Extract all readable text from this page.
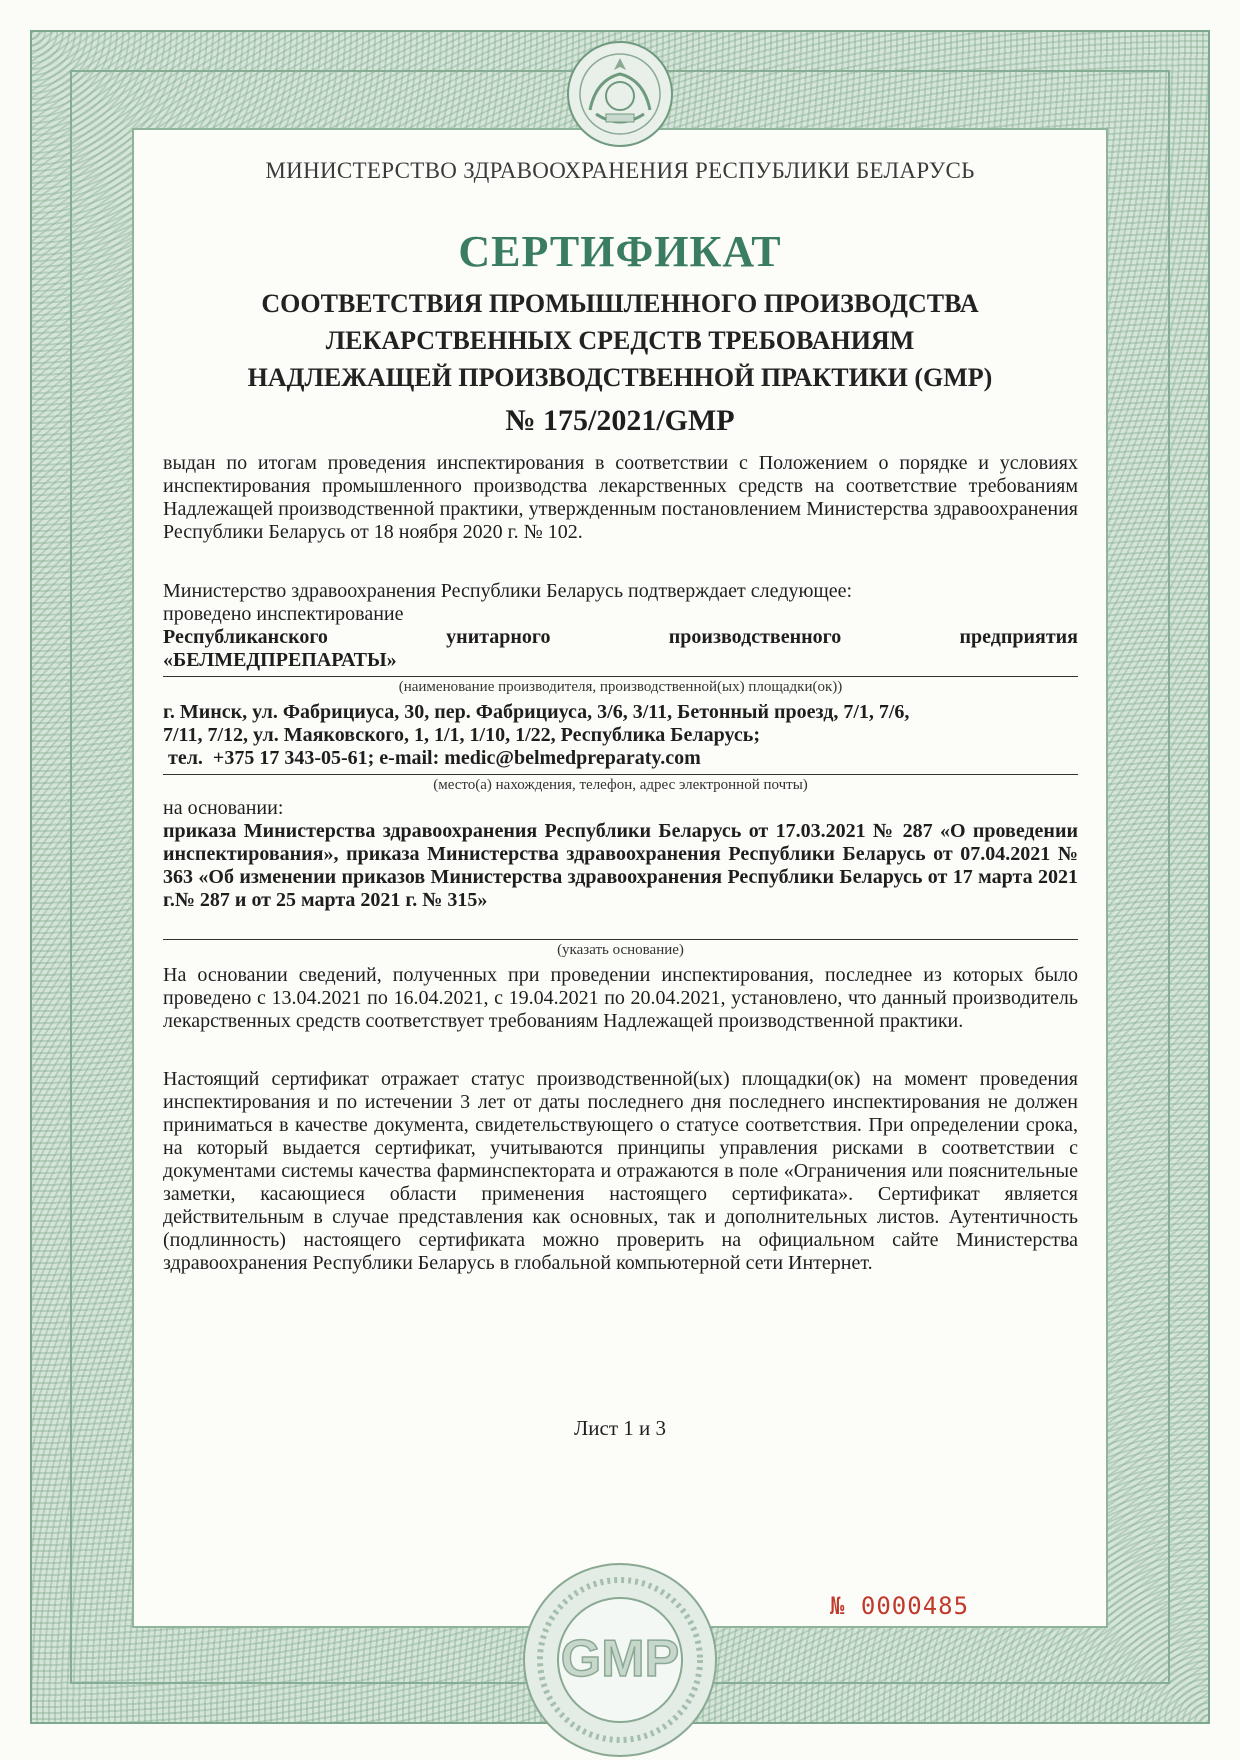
МИНИСТЕРСТВО ЗДРАВООХРАНЕНИЯ РЕСПУБЛИКИ БЕЛАРУСЬ
СЕРТИФИКАТ
СООТВЕТСТВИЯ ПРОМЫШЛЕННОГО ПРОИЗВОДСТВА
ЛЕКАРСТВЕННЫХ СРЕДСТВ ТРЕБОВАНИЯМ
НАДЛЕЖАЩЕЙ ПРОИЗВОДСТВЕННОЙ ПРАКТИКИ (GMP)
№ 175/2021/GMP
выдан по итогам проведения инспектирования в соответствии с Положением о порядке и условиях инспектирования промышленного производства лекарственных средств на соответствие требованиям Надлежащей производственной практики, утвержденным постановлением Министерства здравоохранения Республики Беларусь от 18 ноября 2020 г. № 102.
Министерство здравоохранения Республики Беларусь подтверждает следующее:
проведено инспектирование
Республиканского	унитарного	производственного	предприятия
«БЕЛМЕДПРЕПАРАТЫ»
(наименование производителя, производственной(ых) площадки(ок))
г. Минск, ул. Фабрициуса, 30, пер. Фабрициуса, 3/6, 3/11, Бетонный проезд, 7/1, 7/6,
7/11, 7/12, ул. Маяковского, 1, 1/1, 1/10, 1/22, Республика Беларусь;
тел.  +375 17 343-05-61; e-mail: medic@belmedpreparaty.com
(место(а) нахождения, телефон, адрес электронной почты)
на основании:
приказа Министерства здравоохранения Республики Беларусь от 17.03.2021 № 287 «О проведении инспектирования», приказа Министерства здравоохранения Республики Беларусь от 07.04.2021 № 363 «Об изменении приказов Министерства здравоохранения Республики Беларусь от 17 марта 2021 г.№ 287 и от 25 марта 2021 г. № 315»
(указать основание)
На основании сведений, полученных при проведении инспектирования, последнее из которых было проведено с 13.04.2021 по 16.04.2021, с 19.04.2021 по 20.04.2021, установлено, что данный производитель лекарственных средств соответствует требованиям Надлежащей производственной практики.
Настоящий сертификат отражает статус производственной(ых) площадки(ок) на момент проведения инспектирования и по истечении 3 лет от даты последнего дня последнего инспектирования не должен приниматься в качестве документа, свидетельствующего о статусе соответствия. При определении срока, на который выдается сертификат, учитываются принципы управления рисками в соответствии с документами системы качества фарминспектората и отражаются в поле «Ограничения или пояснительные заметки, касающиеся области применения настоящего сертификата». Сертификат является действительным в случае представления как основных, так и дополнительных листов. Аутентичность (подлинность) настоящего сертификата можно проверить на официальном сайте Министерства здравоохранения Республики Беларусь в глобальной компьютерной сети Интернет.
Лист 1 и 3
GMP
№ 0000485
